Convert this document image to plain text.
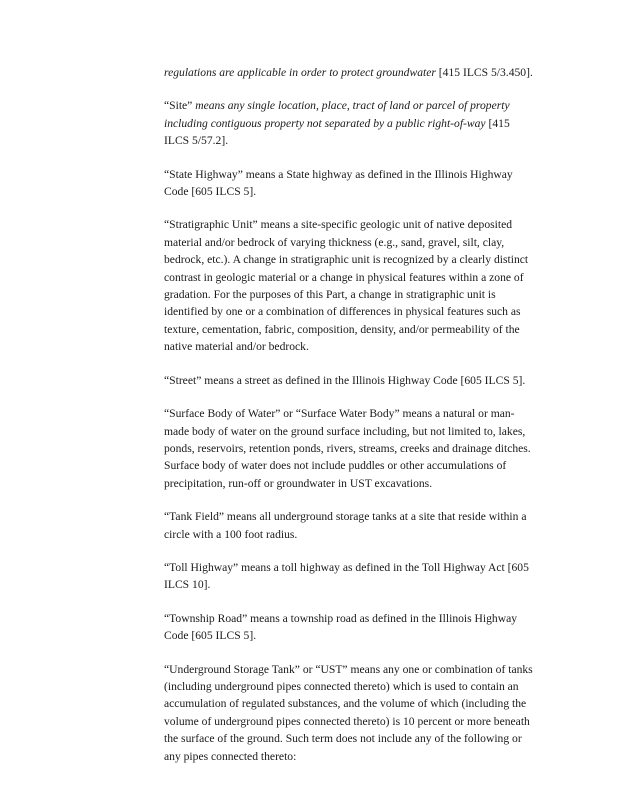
regulations are applicable in order to protect groundwater [415 ILCS 5/3.450].

“Site” means any single location, place, tract of land or parcel of property including contiguous property not separated by a public right-of-way [415 ILCS 5/57.2].

“State Highway” means a State highway as defined in the Illinois Highway Code [605 ILCS 5].

“Stratigraphic Unit” means a site-specific geologic unit of native deposited material and/or bedrock of varying thickness (e.g., sand, gravel, silt, clay, bedrock, etc.). A change in stratigraphic unit is recognized by a clearly distinct contrast in geologic material or a change in physical features within a zone of gradation. For the purposes of this Part, a change in stratigraphic unit is identified by one or a combination of differences in physical features such as texture, cementation, fabric, composition, density, and/or permeability of the native material and/or bedrock.

“Street” means a street as defined in the Illinois Highway Code [605 ILCS 5].

“Surface Body of Water” or “Surface Water Body” means a natural or man-made body of water on the ground surface including, but not limited to, lakes, ponds, reservoirs, retention ponds, rivers, streams, creeks and drainage ditches. Surface body of water does not include puddles or other accumulations of precipitation, run-off or groundwater in UST excavations.

“Tank Field” means all underground storage tanks at a site that reside within a circle with a 100 foot radius.

“Toll Highway” means a toll highway as defined in the Toll Highway Act [605 ILCS 10].

“Township Road” means a township road as defined in the Illinois Highway Code [605 ILCS 5].

“Underground Storage Tank” or “UST” means any one or combination of tanks (including underground pipes connected thereto) which is used to contain an accumulation of regulated substances, and the volume of which (including the volume of underground pipes connected thereto) is 10 percent or more beneath the surface of the ground. Such term does not include any of the following or any pipes connected thereto:
